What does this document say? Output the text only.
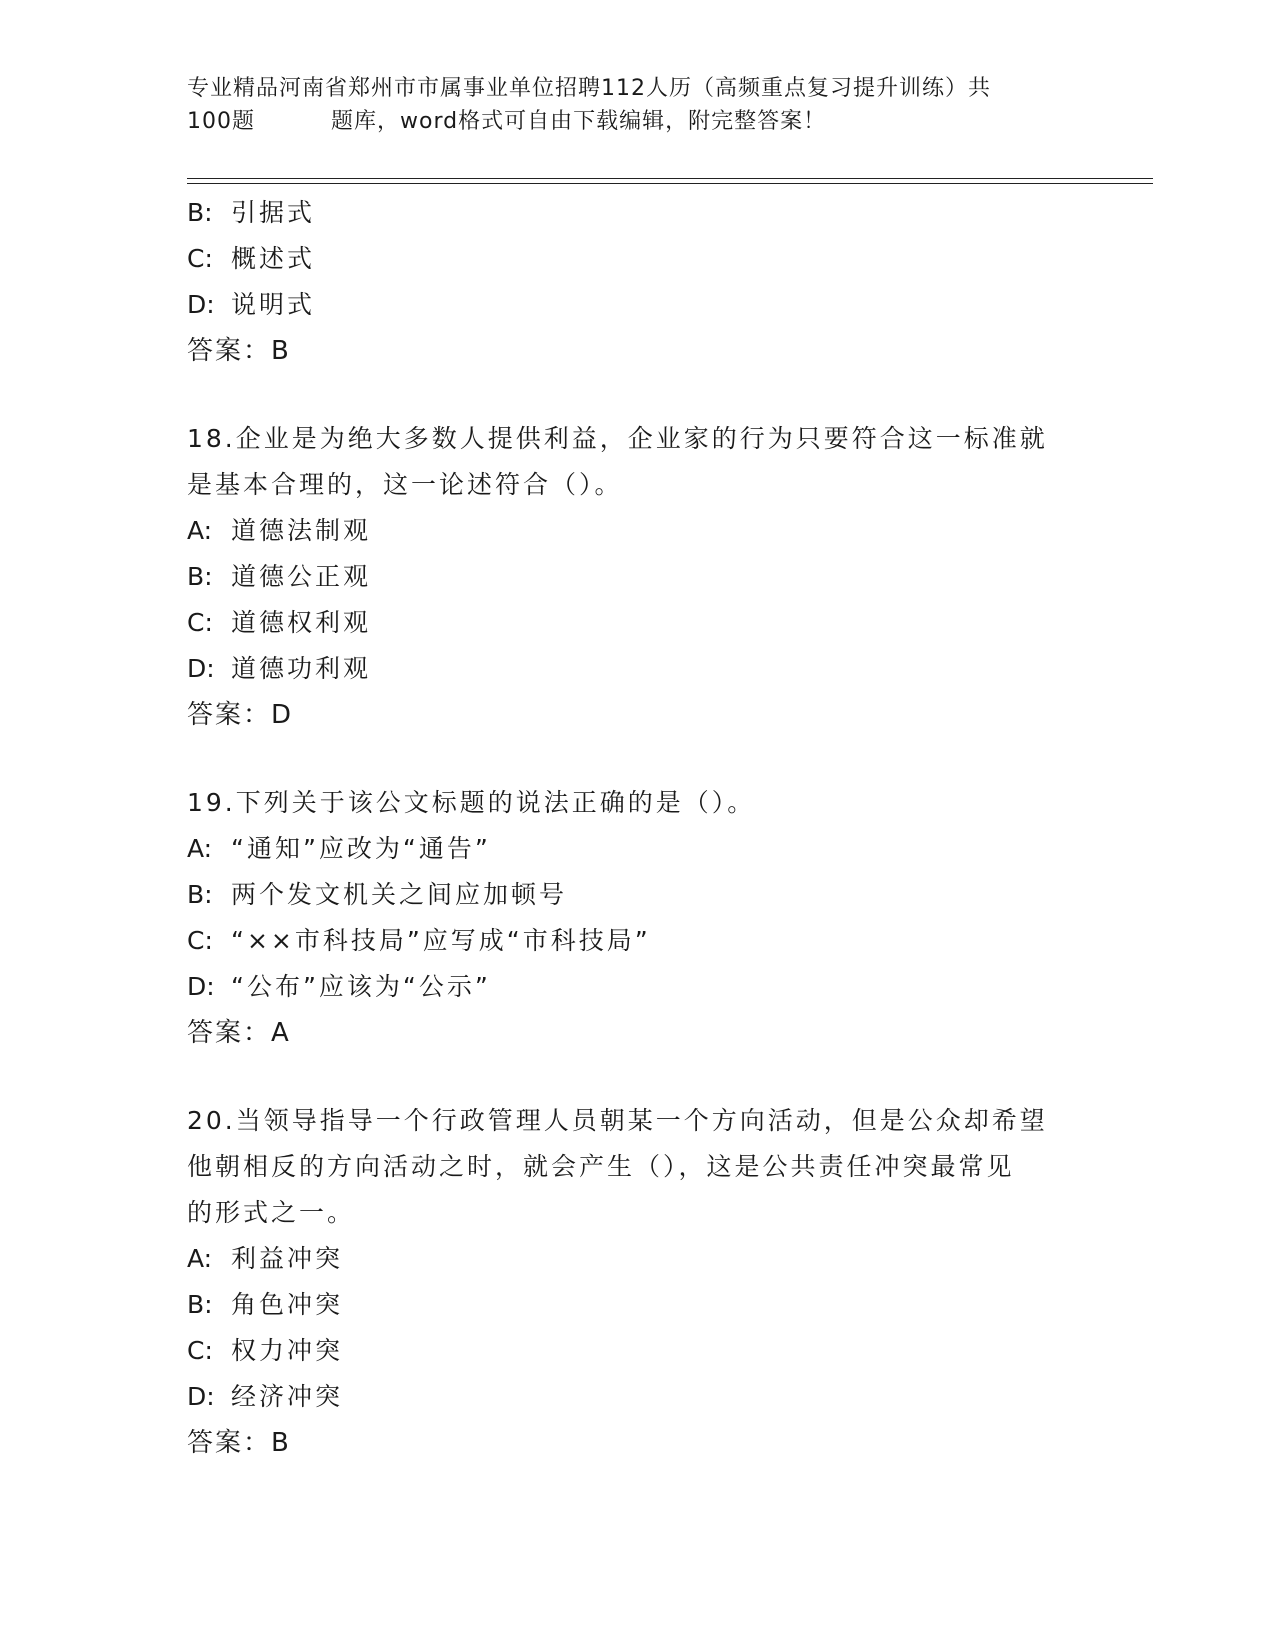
专业精品河南省郑州市市属事业单位招聘112人历（高频重点复习提升训练）共
100题	题库，word格式可自由下载编辑，附完整答案！
B: 引据式
C: 概述式
D: 说明式
答案：B
18.企业是为绝大多数人提供利益，企业家的行为只要符合这一标准就
是基本合理的，这一论述符合（）。
A: 道德法制观
B: 道德公正观
C: 道德权利观
D: 道德功利观
答案：D
19.下列关于该公文标题的说法正确的是（）。
A: “通知”应改为“通告”
B: 两个发文机关之间应加顿号
C: “××市科技局”应写成“市科技局”
D: “公布”应该为“公示”
答案：A
20.当领导指导一个行政管理人员朝某一个方向活动，但是公众却希望
他朝相反的方向活动之时，就会产生（），这是公共责任冲突最常见
的形式之一。
A: 利益冲突
B: 角色冲突
C: 权力冲突
D: 经济冲突
答案：B
